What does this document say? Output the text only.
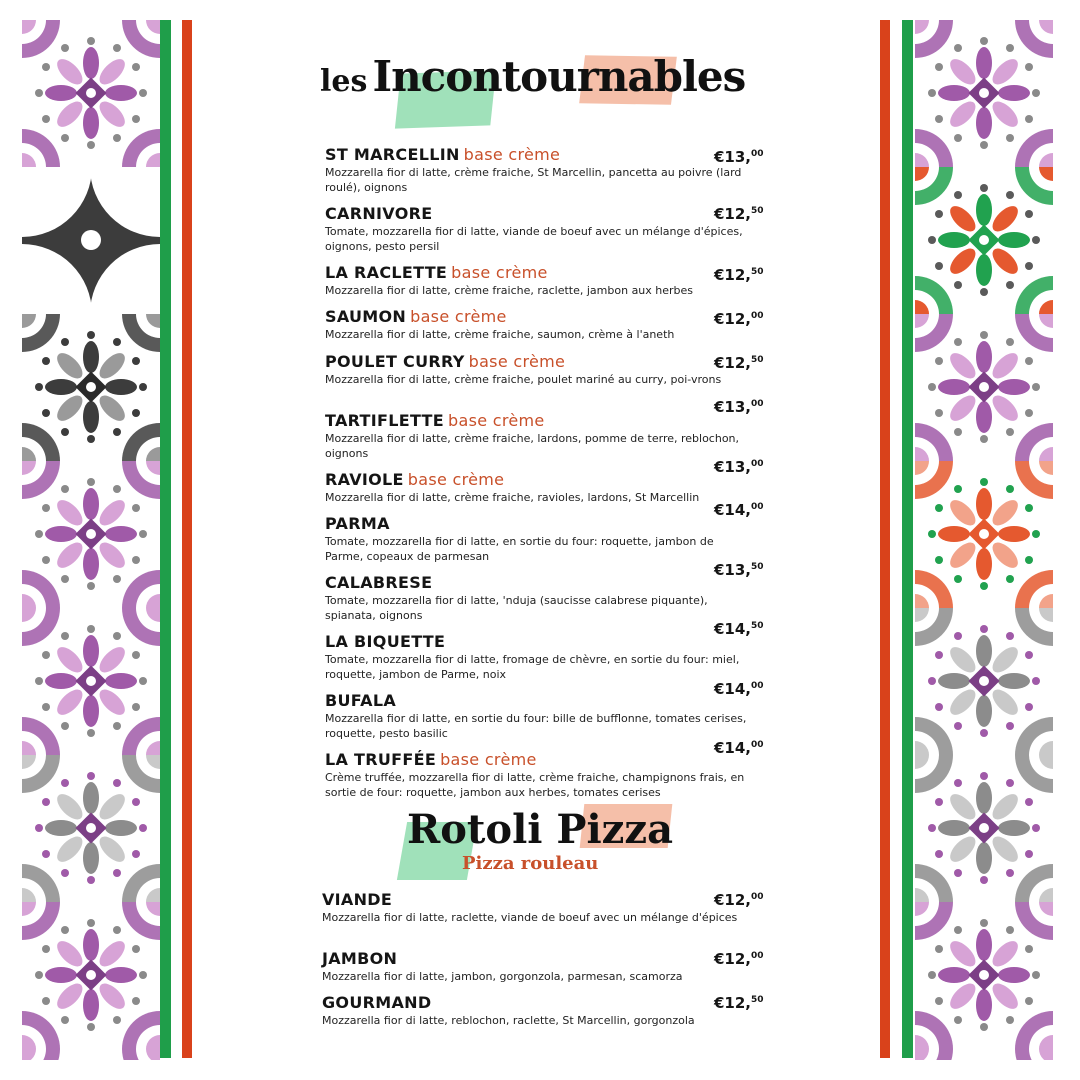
les Incontournables
ST MARCELLIN base crème
Mozzarella fior di latte, crème fraiche, St Marcellin, pancetta au poivre (lard roulé), oignons
€13,00
CARNIVORE
Tomate, mozzarella fior di latte, viande de boeuf avec un mélange d'épices, oignons, pesto persil
€12,50
LA RACLETTE base crème
Mozzarella fior di latte, crème fraiche, raclette, jambon aux herbes
€12,50
SAUMON base crème
Mozzarella fior di latte, crème fraiche, saumon, crème à l'aneth
€12,00
POULET CURRY base crème
Mozzarella fior di latte, crème fraiche, poulet mariné au curry, poi-vrons
€12,50
TARTIFLETTE base crème
Mozzarella fior di latte, crème fraiche, lardons, pomme de terre, reblochon, oignons
€13,00
RAVIOLE base crème
Mozzarella fior di latte, crème fraiche, ravioles, lardons, St Marcellin
€13,00
PARMA
Tomate, mozzarella fior di latte, en sortie du four: roquette, jambon de Parme, copeaux de parmesan
€14,00
CALABRESE
Tomate, mozzarella fior di latte, 'nduja (saucisse calabrese piquante), spianata, oignons
€13,50
LA BIQUETTE
Tomate, mozzarella fior di latte, fromage de chèvre, en sortie du four: miel, roquette, jambon de Parme, noix
€14,50
BUFALA
Mozzarella fior di latte, en sortie du four: bille de bufflonne, tomates cerises, roquette, pesto basilic
€14,00
LA TRUFFÉE base crème
Crème truffée, mozzarella fior di latte, crème fraiche, champignons frais, en sortie de four: roquette, jambon aux herbes, tomates cerises
€14,00
Rotoli Pizza
Pizza rouleau
VIANDE
Mozzarella fior di latte, raclette, viande de boeuf avec un mélange d'épices
€12,00
JAMBON
Mozzarella fior di latte, jambon, gorgonzola, parmesan, scamorza
€12,00
GOURMAND
Mozzarella fior di latte, reblochon, raclette, St Marcellin, gorgonzola
€12,50
